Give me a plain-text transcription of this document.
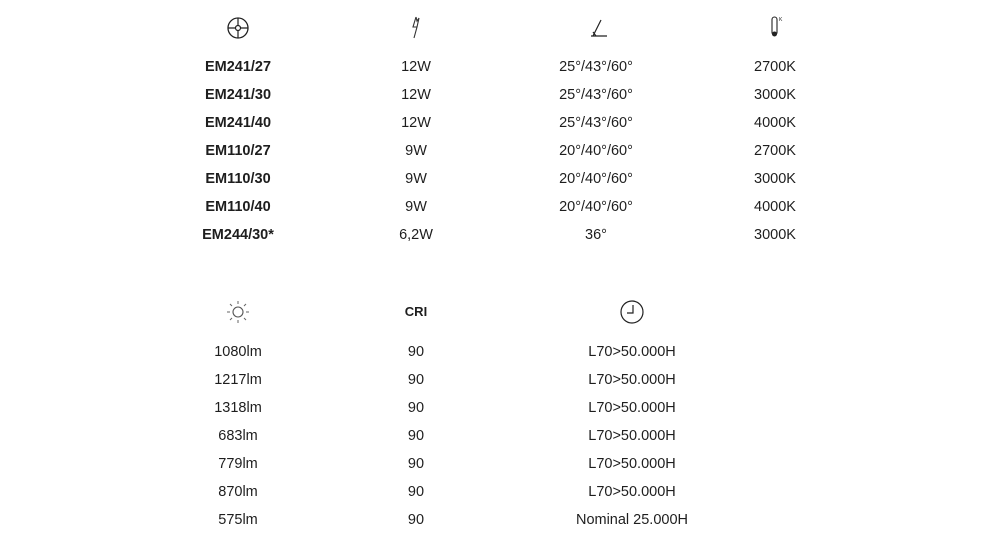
K
EM241/27
EM241/30
EM241/40
EM110/27
EM110/30
EM110/40
EM244/30*
12W
12W
12W
9W
9W
9W
6,2W
25°/43°/60°
25°/43°/60°
25°/43°/60°
20°/40°/60°
20°/40°/60°
20°/40°/60°
36°
2700K
3000K
4000K
2700K
3000K
4000K
3000K
CRI
1080lm
1217lm
1318lm
683lm
779lm
870lm
575lm
90
90
90
90
90
90
90
L70>50.000H
L70>50.000H
L70>50.000H
L70>50.000H
L70>50.000H
L70>50.000H
Nominal 25.000H
